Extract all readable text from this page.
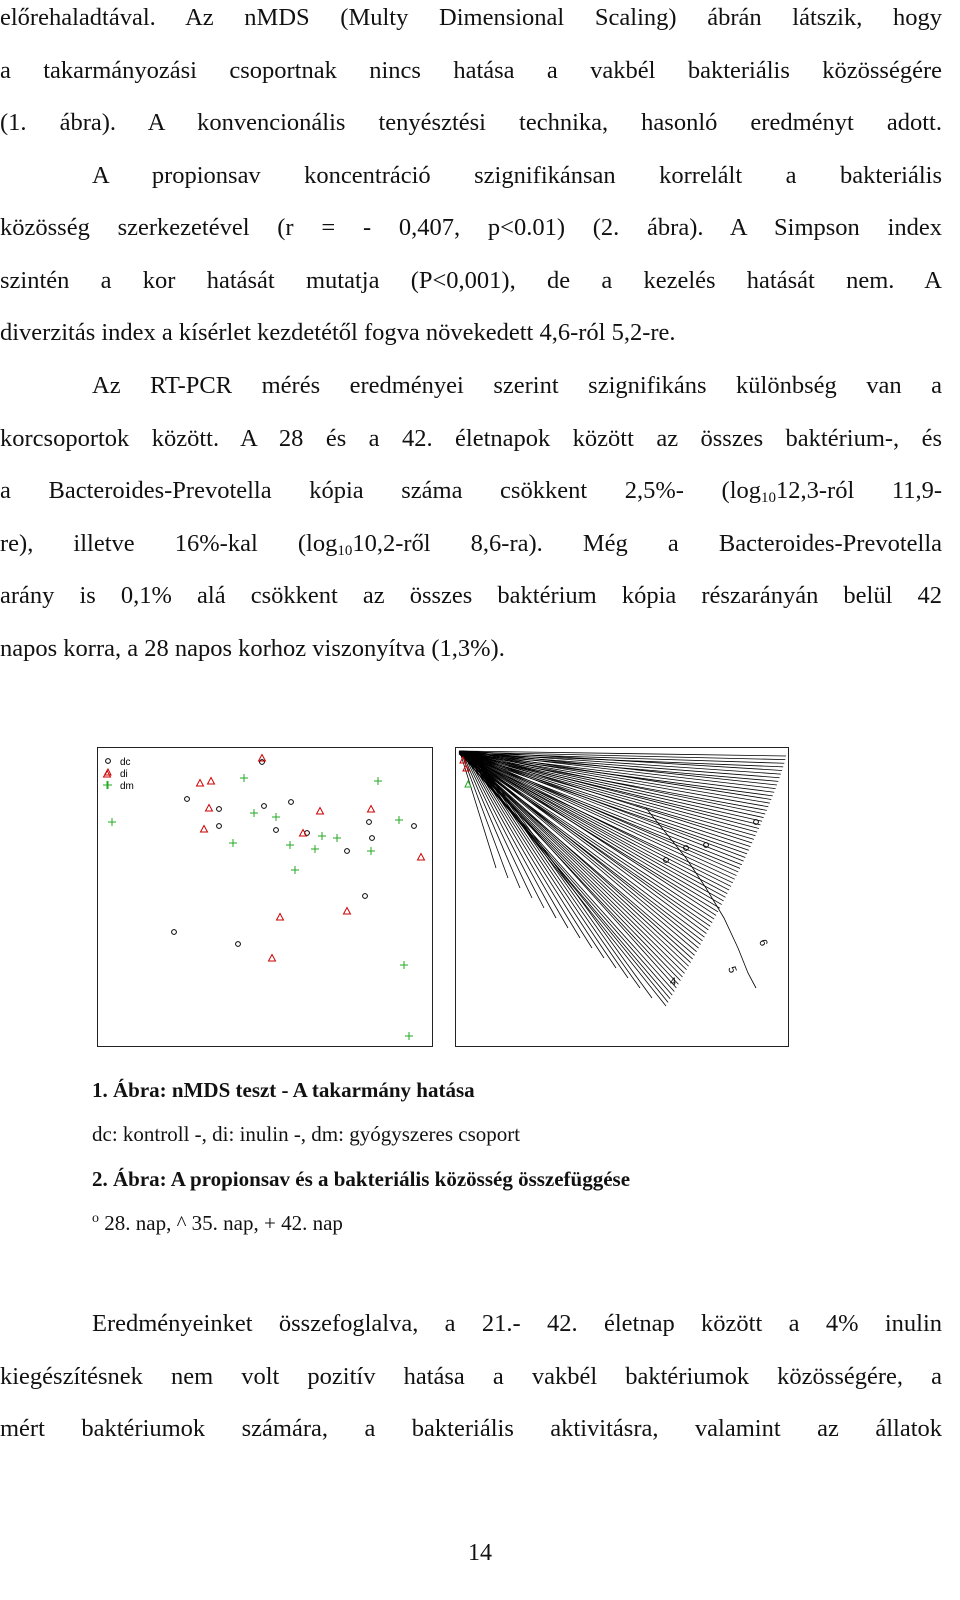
előrehaladtával. Az nMDS (Multy Dimensional Scaling) ábrán látszik, hogy
a takarmányozási csoportnak nincs hatása a vakbél bakteriális közösségére
(1. ábra). A konvencionális tenyésztési technika, hasonló eredményt adott.
A propionsav koncentráció szignifikánsan korrelált a bakteriális
közösség szerkezetével (r = - 0,407, p<0.01) (2. ábra). A Simpson index
szintén a kor hatását mutatja (P<0,001), de a kezelés hatását nem. A
diverzitás index a kísérlet kezdetétől fogva növekedett 4,6-ról 5,2-re.
Az RT-PCR mérés eredményei szerint szignifikáns különbség van a
korcsoportok között. A 28 és a 42. életnapok között az összes baktérium-, és
a Bacteroides-Prevotella kópia száma csökkent 2,5%- ($\log_{10}12,3$-ról 11,9-
re), illetve 16%-kal ($\log_{10}10,2$-ről 8,6-ra). Még a Bacteroides-Prevotella
arány is 0,1% alá csökkent az összes baktérium kópia részarányán belül 42
napos korra, a 28 napos korhoz viszonyítva (1,3%).
dc
di
dm
6
5
4
1. Ábra: nMDS teszt - A takarmány hatása
dc: kontroll -, di: inulin -, dm: gyógyszeres csoport
2. Ábra: A propionsav és a bakteriális közösség összefüggése
$^o$ 28. nap, ^ 35. nap, + 42. nap
Eredményeinket összefoglalva, a 21.- 42. életnap között a 4% inulin
kiegészítésnek nem volt pozitív hatása a vakbél baktériumok közösségére, a
mért baktériumok számára, a bakteriális aktivitásra, valamint az állatok
14
